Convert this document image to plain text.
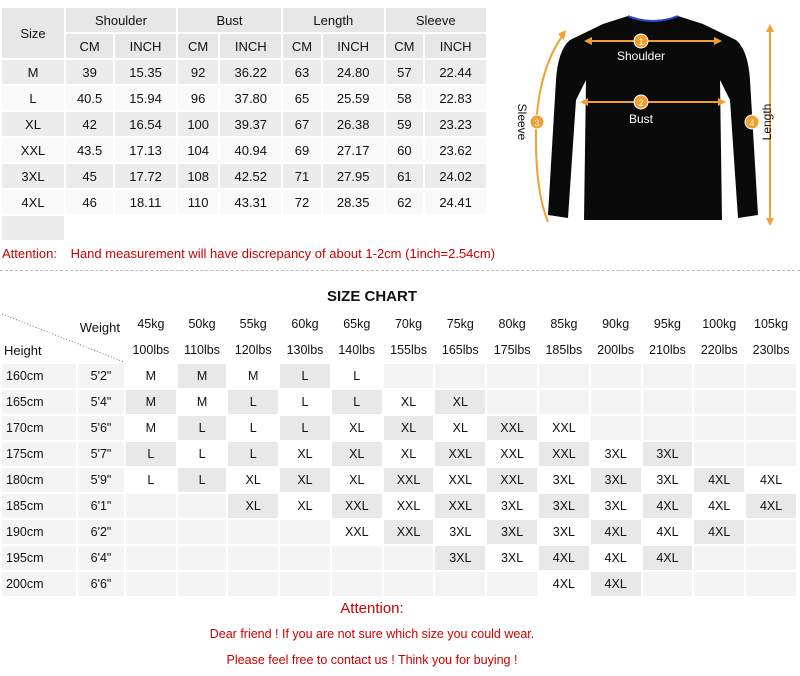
Size	Shoulder		Bust		Length		Sleeve	
	CM	INCH	CM	INCH	CM	INCH	CM	INCH
M	39	15.35	92	36.22	63	24.80	57	22.44
L	40.5	15.94	96	37.80	65	25.59	58	22.83
XL	42	16.54	100	39.37	67	26.38	59	23.23
XXL	43.5	17.13	104	40.94	69	27.17	60	23.62
3XL	45	17.72	108	42.52	71	27.95	61	24.02
4XL	46	18.11	110	43.31	72	28.35	62	24.41

1
Shoulder
2
Bust
3
Sleeve	4 Length
Attention: Hand measurement will have discrepancy of about 1-2cm (1inch=2.54cm)
SIZE CHART
Weight
Height		45kg	50kg	55kg	60kg	65kg	70kg	75kg	80kg	85kg	90kg	95kg	100kg	105kg
		100lbs	110lbs	120lbs	130lbs	140lbs	155lbs	165lbs	175lbs	185lbs	200lbs	210lbs	220lbs	230lbs
160cm	5'2"	M	M	M	L	L								
165cm	5'4"	M	M	L	L	L	XL	XL						
170cm	5'6"	M	L	L	L	XL	XL	XL	XXL	XXL				
175cm	5'7"	L	L	L	XL	XL	XL	XXL	XXL	XXL	3XL	3XL		
180cm	5'9"	L	L	XL	XL	XL	XXL	XXL	XXL	3XL	3XL	3XL	4XL	4XL
185cm	6'1"			XL	XL	XXL	XXL	XXL	3XL	3XL	3XL	4XL	4XL	4XL
190cm	6'2"					XXL	XXL	3XL	3XL	3XL	4XL	4XL	4XL	
195cm	6'4"							3XL	3XL	4XL	4XL	4XL		
200cm	6'6"									4XL	4XL			
Attention:
Dear friend ! If you are not sure which size you could wear.
Please feel free to contact us ! Think you for buying !
